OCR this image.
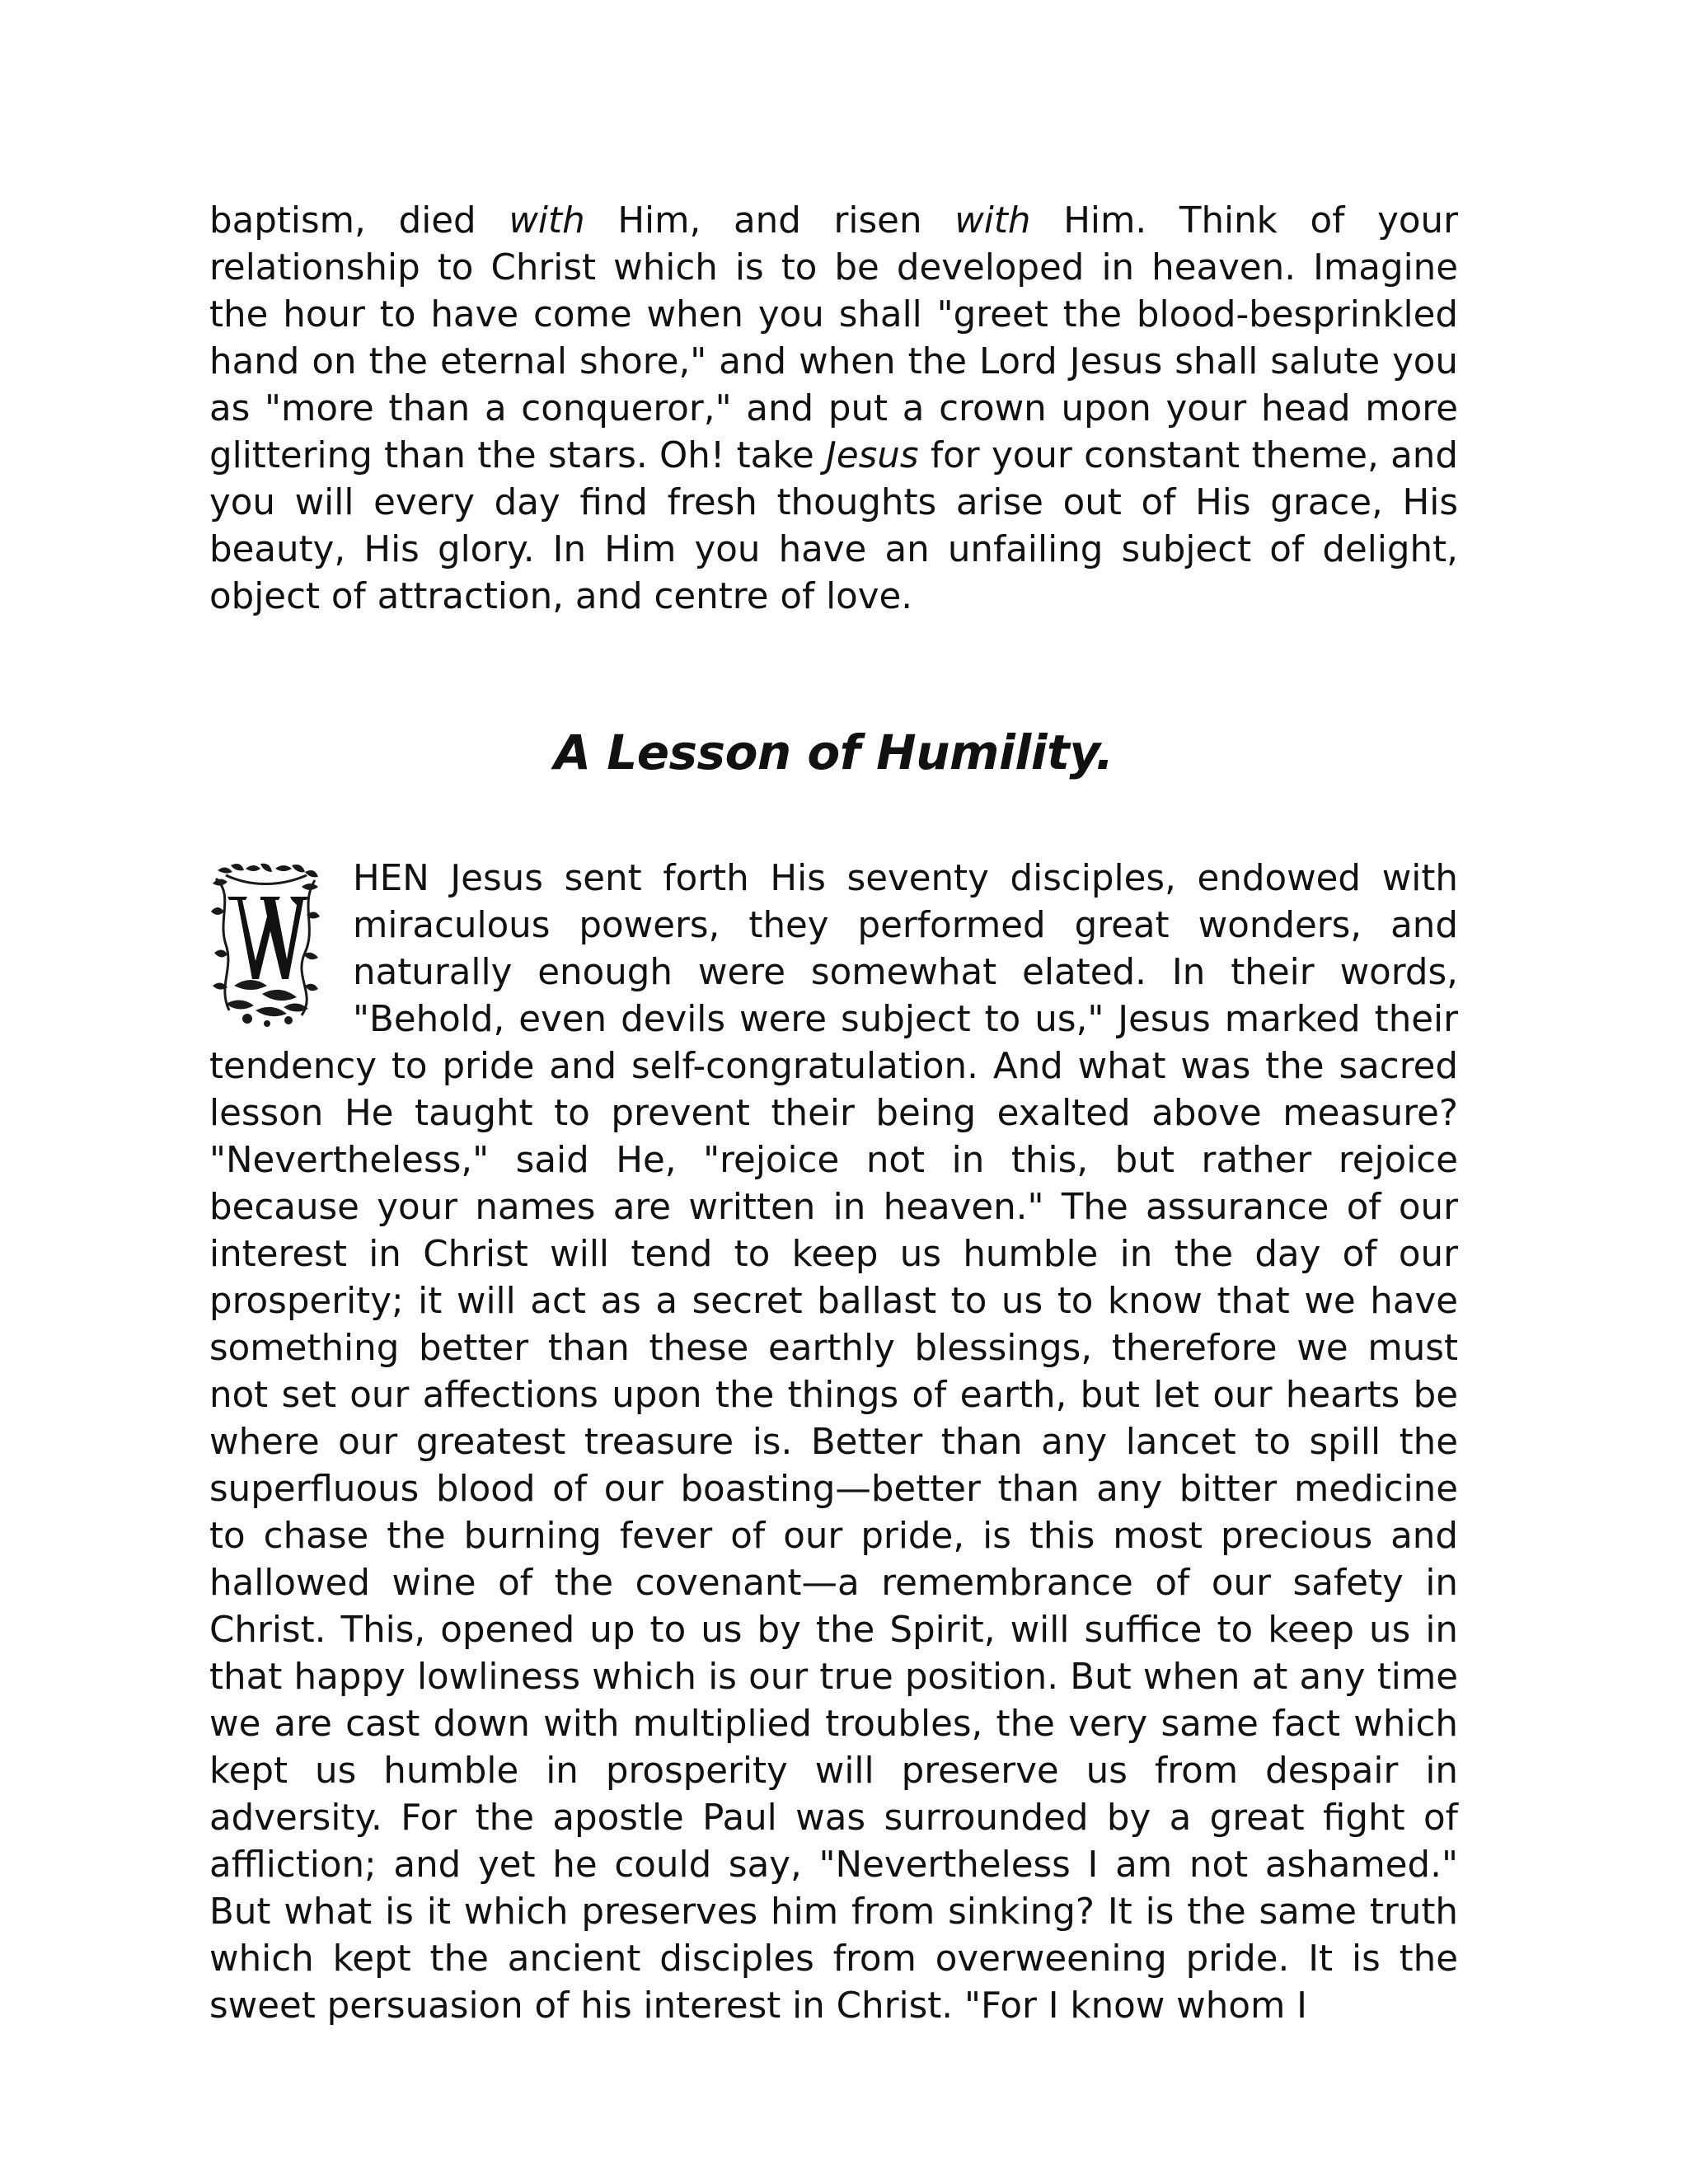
baptism, died with Him, and risen with Him. Think of your relationship to Christ which is to be developed in heaven. Imagine the hour to have come when you shall "greet the blood-besprinkled hand on the eternal shore," and when the Lord Jesus shall salute you as "more than a conqueror," and put a crown upon your head more glittering than the stars. Oh! take Jesus for your constant theme, and you will every day find fresh thoughts arise out of His grace, His beauty, His glory. In Him you have an unfailing subject of delight, object of attraction, and centre of love.

A Lesson of Humility.

HEN Jesus sent forth His seventy disciples, endowed with miraculous powers, they performed great wonders, and naturally enough were somewhat elated. In their words, "Behold, even devils were subject to us," Jesus marked their tendency to pride and self-congratulation. And what was the sacred lesson He taught to prevent their being exalted above measure? "Nevertheless," said He, "rejoice not in this, but rather rejoice because your names are written in heaven." The assurance of our interest in Christ will tend to keep us humble in the day of our prosperity; it will act as a secret ballast to us to know that we have something better than these earthly blessings, therefore we must not set our affections upon the things of earth, but let our hearts be where our greatest treasure is. Better than any lancet to spill the superfluous blood of our boasting—better than any bitter medicine to chase the burning fever of our pride, is this most precious and hallowed wine of the covenant—a remembrance of our safety in Christ. This, opened up to us by the Spirit, will suffice to keep us in that happy lowliness which is our true position. But when at any time we are cast down with multiplied troubles, the very same fact which kept us humble in prosperity will preserve us from despair in adversity. For the apostle Paul was surrounded by a great fight of affliction; and yet he could say, "Nevertheless I am not ashamed." But what is it which preserves him from sinking? It is the same truth which kept the ancient disciples from overweening pride. It is the sweet persuasion of his interest in Christ. "For I know whom I
